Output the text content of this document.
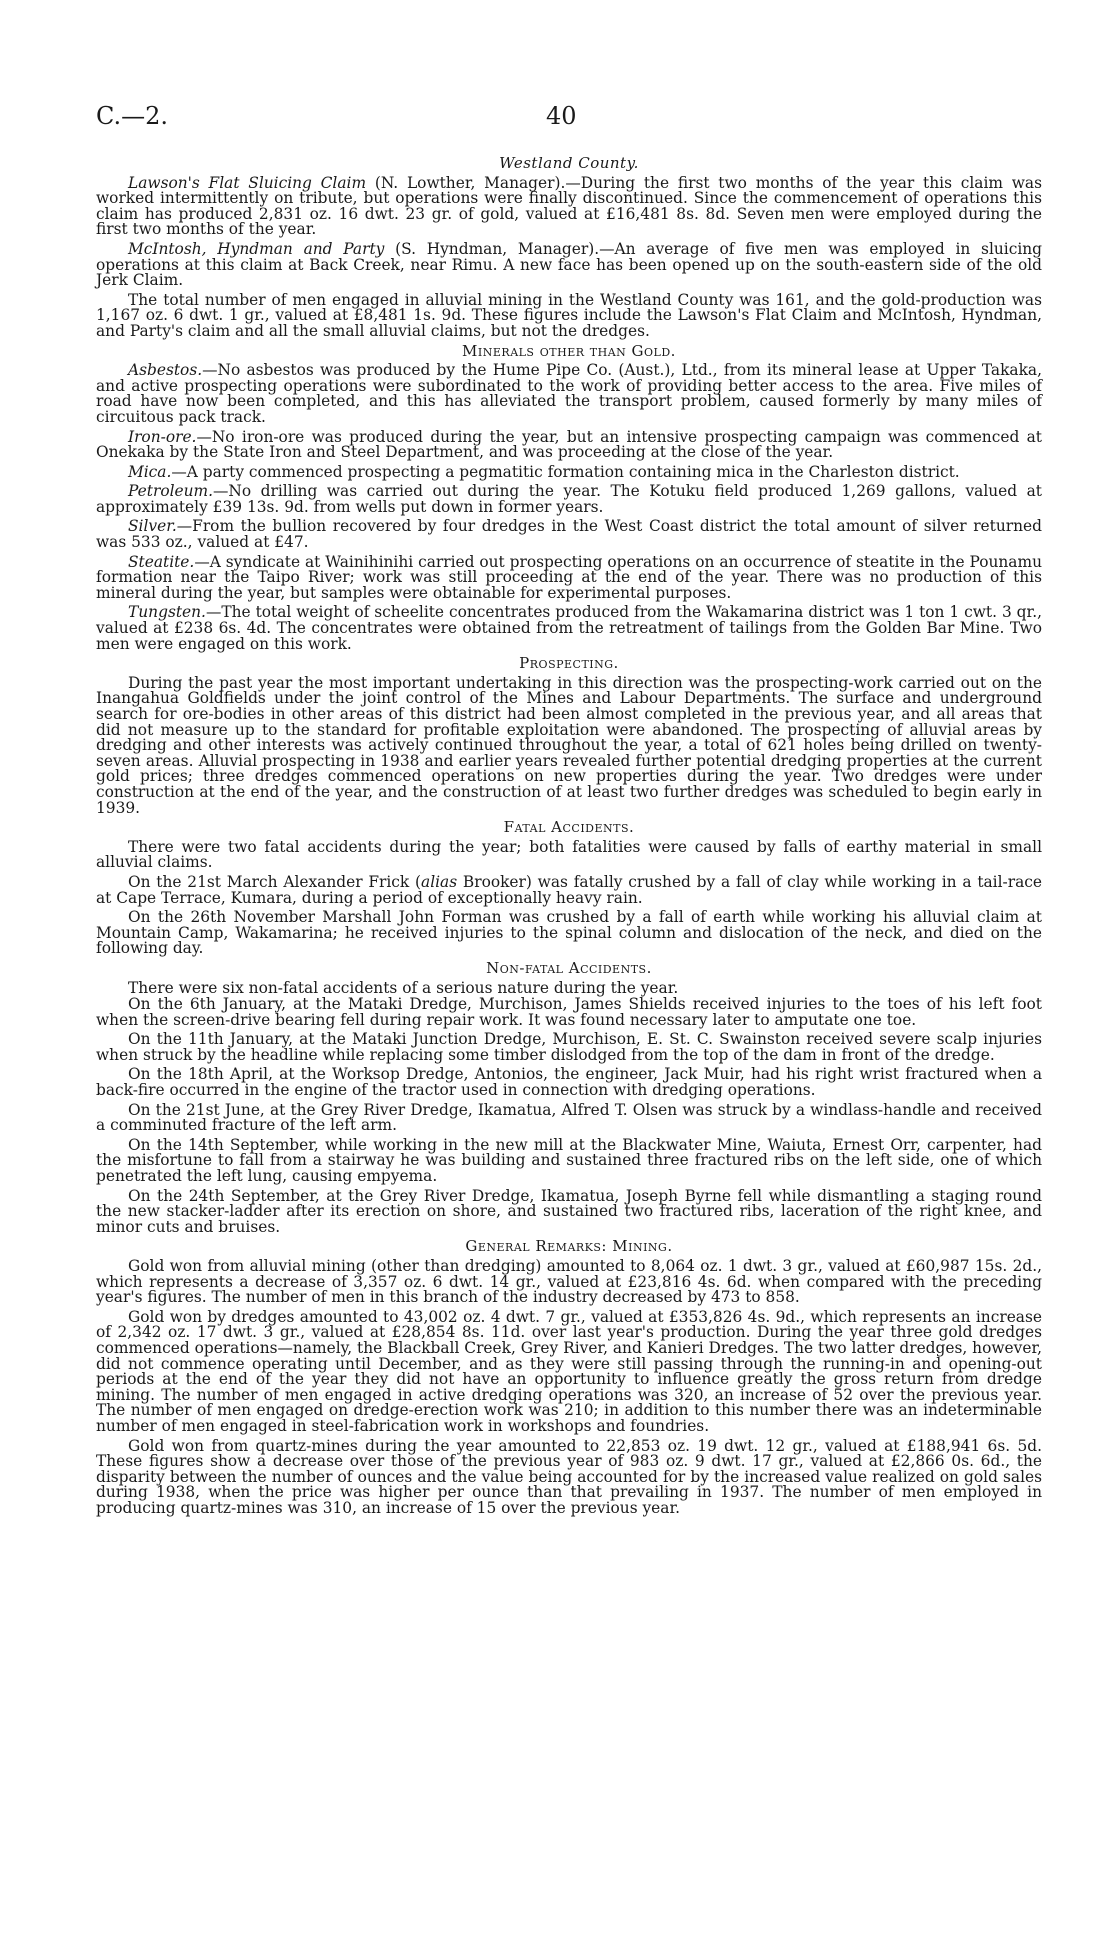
C.—2.	40
Westland County.

Lawson's Flat Sluicing Claim (N. Lowther, Manager).—During the first two months of the year this claim was worked intermittently on tribute, but operations were finally discontinued. Since the commencement of operations this claim has produced 2,831 oz. 16 dwt. 23 gr. of gold, valued at £16,481 8s. 8d. Seven men were employed during the first two months of the year.

McIntosh, Hyndman and Party (S. Hyndman, Manager).—An average of five men was employed in sluicing operations at this claim at Back Creek, near Rimu. A new face has been opened up on the south-eastern side of the old Jerk Claim.

The total number of men engaged in alluvial mining in the Westland County was 161, and the gold-production was 1,167 oz. 6 dwt. 1 gr., valued at £8,481 1s. 9d. These figures include the Lawson's Flat Claim and McIntosh, Hyndman, and Party's claim and all the small alluvial claims, but not the dredges.

Minerals other than Gold.

Asbestos.—No asbestos was produced by the Hume Pipe Co. (Aust.), Ltd., from its mineral lease at Upper Takaka, and active prospecting operations were subordinated to the work of providing better access to the area. Five miles of road have now been completed, and this has alleviated the transport problem, caused formerly by many miles of circuitous pack track.

Iron-ore.—No iron-ore was produced during the year, but an intensive prospecting campaign was commenced at Onekaka by the State Iron and Steel Department, and was proceeding at the close of the year.

Mica.—A party commenced prospecting a pegmatitic formation containing mica in the Charleston district.

Petroleum.—No drilling was carried out during the year. The Kotuku field produced 1,269 gallons, valued at approximately £39 13s. 9d. from wells put down in former years.

Silver.—From the bullion recovered by four dredges in the West Coast district the total amount of silver returned was 533 oz., valued at £47.

Steatite.—A syndicate at Wainihinihi carried out prospecting operations on an occurrence of steatite in the Pounamu formation near the Taipo River; work was still proceeding at the end of the year. There was no production of this mineral during the year, but samples were obtainable for experimental purposes.

Tungsten.—The total weight of scheelite concentrates produced from the Wakamarina district was 1 ton 1 cwt. 3 qr., valued at £238 6s. 4d. The concentrates were obtained from the retreatment of tailings from the Golden Bar Mine. Two men were engaged on this work.

Prospecting.

During the past year the most important undertaking in this direction was the prospecting-work carried out on the Inangahua Goldfields under the joint control of the Mines and Labour Departments. The surface and underground search for ore-bodies in other areas of this district had been almost completed in the previous year, and all areas that did not measure up to the standard for profitable exploitation were abandoned. The prospecting of alluvial areas by dredging and other interests was actively continued throughout the year, a total of 621 holes being drilled on twenty-seven areas. Alluvial prospecting in 1938 and earlier years revealed further potential dredging properties at the current gold prices; three dredges commenced operations on new properties during the year. Two dredges were under construction at the end of the year, and the construction of at least two further dredges was scheduled to begin early in 1939.

Fatal Accidents.

There were two fatal accidents during the year; both fatalities were caused by falls of earthy material in small alluvial claims.

On the 21st March Alexander Frick (alias Brooker) was fatally crushed by a fall of clay while working in a tail-race at Cape Terrace, Kumara, during a period of exceptionally heavy rain.

On the 26th November Marshall John Forman was crushed by a fall of earth while working his alluvial claim at Mountain Camp, Wakamarina; he received injuries to the spinal column and dislocation of the neck, and died on the following day.

Non-fatal Accidents.

There were six non-fatal accidents of a serious nature during the year.

On the 6th January, at the Mataki Dredge, Murchison, James Shields received injuries to the toes of his left foot when the screen-drive bearing fell during repair work. It was found necessary later to amputate one toe.

On the 11th January, at the Mataki Junction Dredge, Murchison, E. St. C. Swainston received severe scalp injuries when struck by the headline while replacing some timber dislodged from the top of the dam in front of the dredge.

On the 18th April, at the Worksop Dredge, Antonios, the engineer, Jack Muir, had his right wrist fractured when a back-fire occurred in the engine of the tractor used in connection with dredging operations.

On the 21st June, at the Grey River Dredge, Ikamatua, Alfred T. Olsen was struck by a windlass-handle and received a comminuted fracture of the left arm.

On the 14th September, while working in the new mill at the Blackwater Mine, Waiuta, Ernest Orr, carpenter, had the misfortune to fall from a stairway he was building and sustained three fractured ribs on the left side, one of which penetrated the left lung, causing empyema.

On the 24th September, at the Grey River Dredge, Ikamatua, Joseph Byrne fell while dismantling a staging round the new stacker-ladder after its erection on shore, and sustained two fractured ribs, laceration of the right knee, and minor cuts and bruises.

General Remarks: Mining.

Gold won from alluvial mining (other than dredging) amounted to 8,064 oz. 1 dwt. 3 gr., valued at £60,987 15s. 2d., which represents a decrease of 3,357 oz. 6 dwt. 14 gr., valued at £23,816 4s. 6d. when compared with the preceding year's figures. The number of men in this branch of the industry decreased by 473 to 858.

Gold won by dredges amounted to 43,002 oz. 4 dwt. 7 gr., valued at £353,826 4s. 9d., which represents an increase of 2,342 oz. 17 dwt. 3 gr., valued at £28,854 8s. 11d. over last year's production. During the year three gold dredges commenced operations—namely, the Blackball Creek, Grey River, and Kanieri Dredges. The two latter dredges, however, did not commence operating until December, and as they were still passing through the running-in and opening-out periods at the end of the year they did not have an opportunity to influence greatly the gross return from dredge mining. The number of men engaged in active dredging operations was 320, an increase of 52 over the previous year. The number of men engaged on dredge-erection work was 210; in addition to this number there was an indeterminable number of men engaged in steel-fabrication work in workshops and foundries.

Gold won from quartz-mines during the year amounted to 22,853 oz. 19 dwt. 12 gr., valued at £188,941 6s. 5d. These figures show a decrease over those of the previous year of 983 oz. 9 dwt. 17 gr., valued at £2,866 0s. 6d., the disparity between the number of ounces and the value being accounted for by the increased value realized on gold sales during 1938, when the price was higher per ounce than that prevailing in 1937. The number of men employed in producing quartz-mines was 310, an increase of 15 over the previous year.
